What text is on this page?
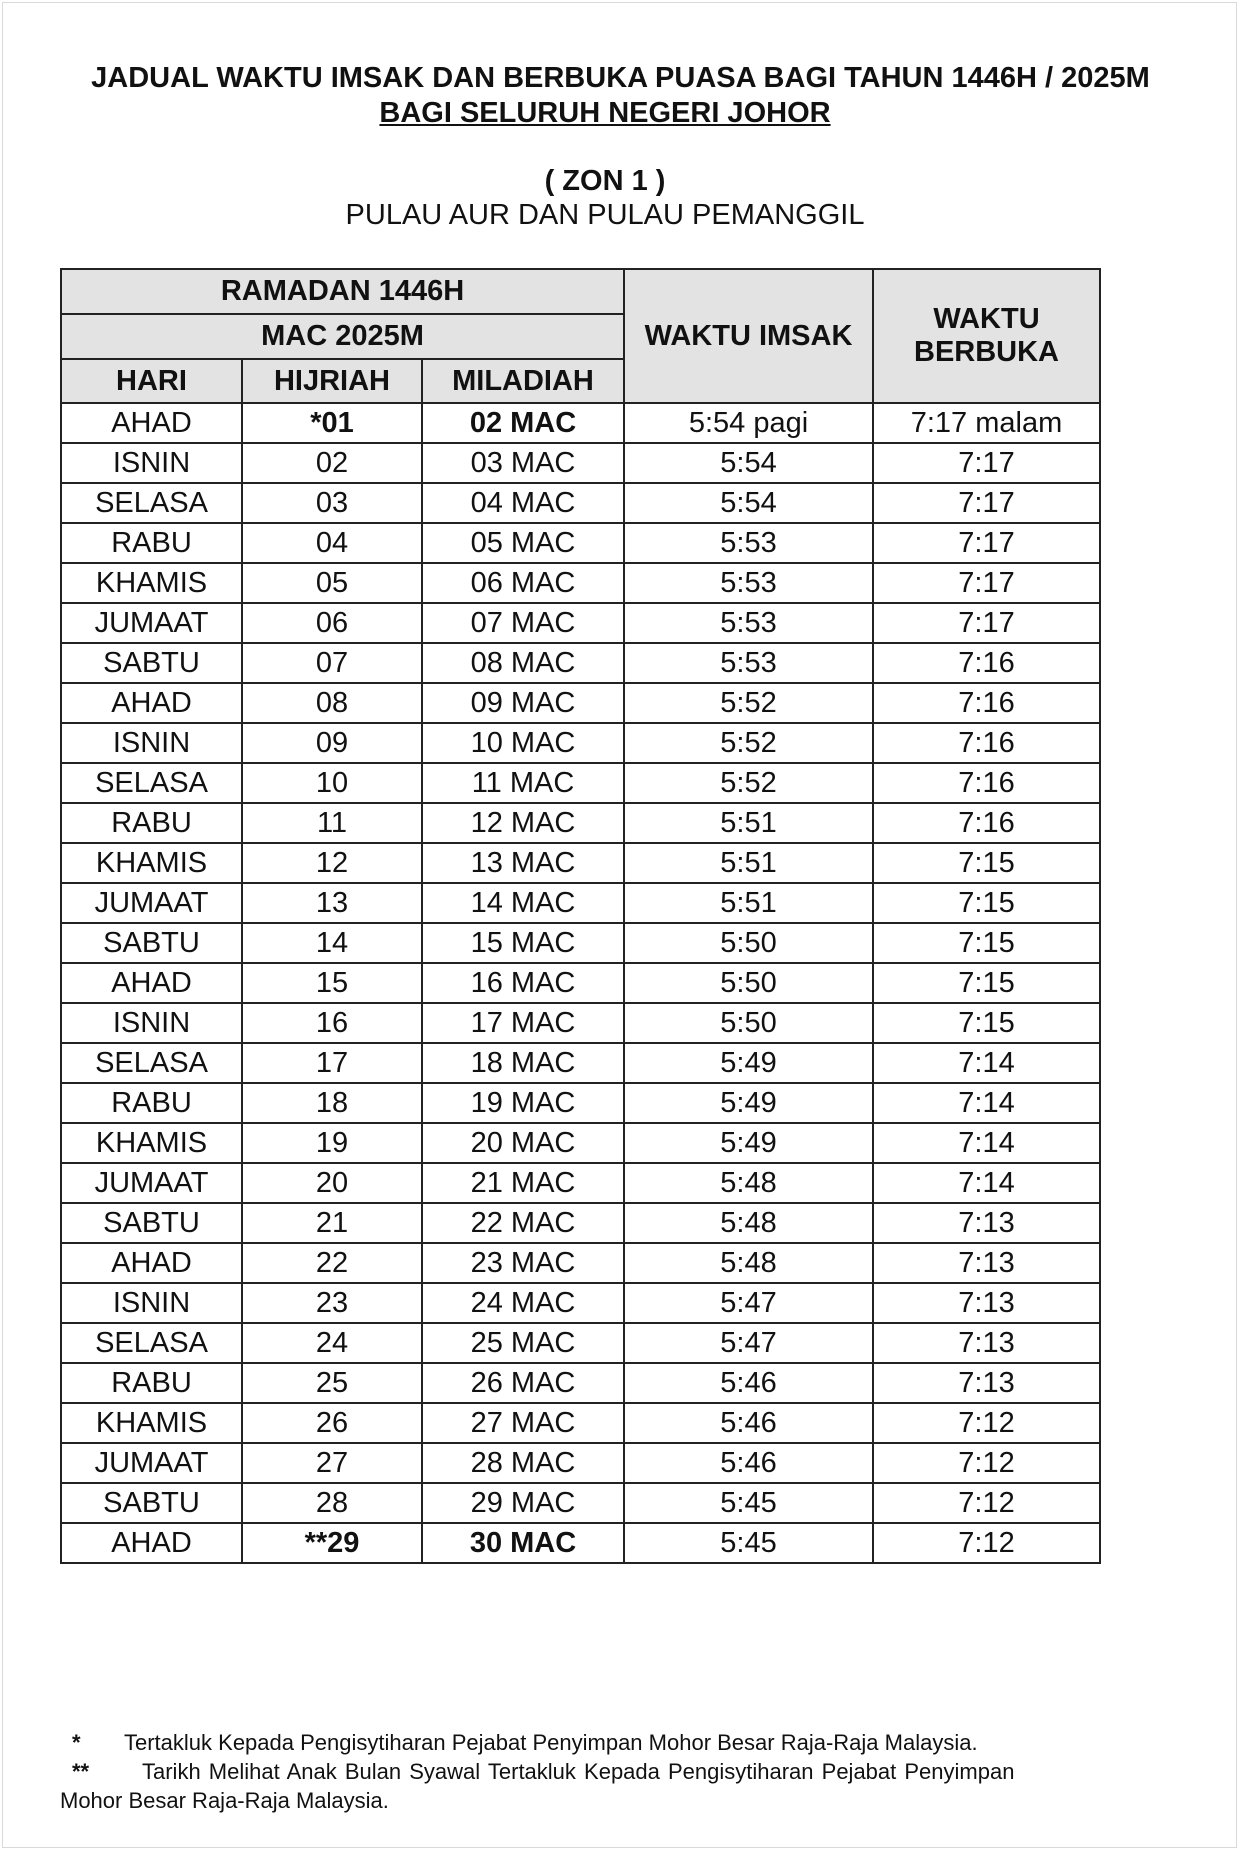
JADUAL WAKTU IMSAK DAN BERBUKA PUASA BAGI TAHUN 1446H / 2025M
BAGI SELURUH NEGERI JOHOR
( ZON 1 )
PULAU AUR DAN PULAU PEMANGGIL
RAMADAN 1446H			WAKTU IMSAK	WAKTU BERBUKA
MAC 2025M				
HARI	HIJRIAH	MILADIAH		
AHAD	*01	02 MAC	5:54 pagi	7:17 malam
ISNIN	02	03 MAC	5:54	7:17
SELASA	03	04 MAC	5:54	7:17
RABU	04	05 MAC	5:53	7:17
KHAMIS	05	06 MAC	5:53	7:17
JUMAAT	06	07 MAC	5:53	7:17
SABTU	07	08 MAC	5:53	7:16
AHAD	08	09 MAC	5:52	7:16
ISNIN	09	10 MAC	5:52	7:16
SELASA	10	11 MAC	5:52	7:16
RABU	11	12 MAC	5:51	7:16
KHAMIS	12	13 MAC	5:51	7:15
JUMAAT	13	14 MAC	5:51	7:15
SABTU	14	15 MAC	5:50	7:15
AHAD	15	16 MAC	5:50	7:15
ISNIN	16	17 MAC	5:50	7:15
SELASA	17	18 MAC	5:49	7:14
RABU	18	19 MAC	5:49	7:14
KHAMIS	19	20 MAC	5:49	7:14
JUMAAT	20	21 MAC	5:48	7:14
SABTU	21	22 MAC	5:48	7:13
AHAD	22	23 MAC	5:48	7:13
ISNIN	23	24 MAC	5:47	7:13
SELASA	24	25 MAC	5:47	7:13
RABU	25	26 MAC	5:46	7:13
KHAMIS	26	27 MAC	5:46	7:12
JUMAAT	27	28 MAC	5:46	7:12
SABTU	28	29 MAC	5:45	7:12
AHAD	**29	30 MAC	5:45	7:12
* Tertakluk Kepada Pengisytiharan Pejabat Penyimpan Mohor Besar Raja-Raja Malaysia.
** Tarikh Melihat Anak Bulan Syawal Tertakluk Kepada Pengisytiharan Pejabat Penyimpan
Mohor Besar Raja-Raja Malaysia.
